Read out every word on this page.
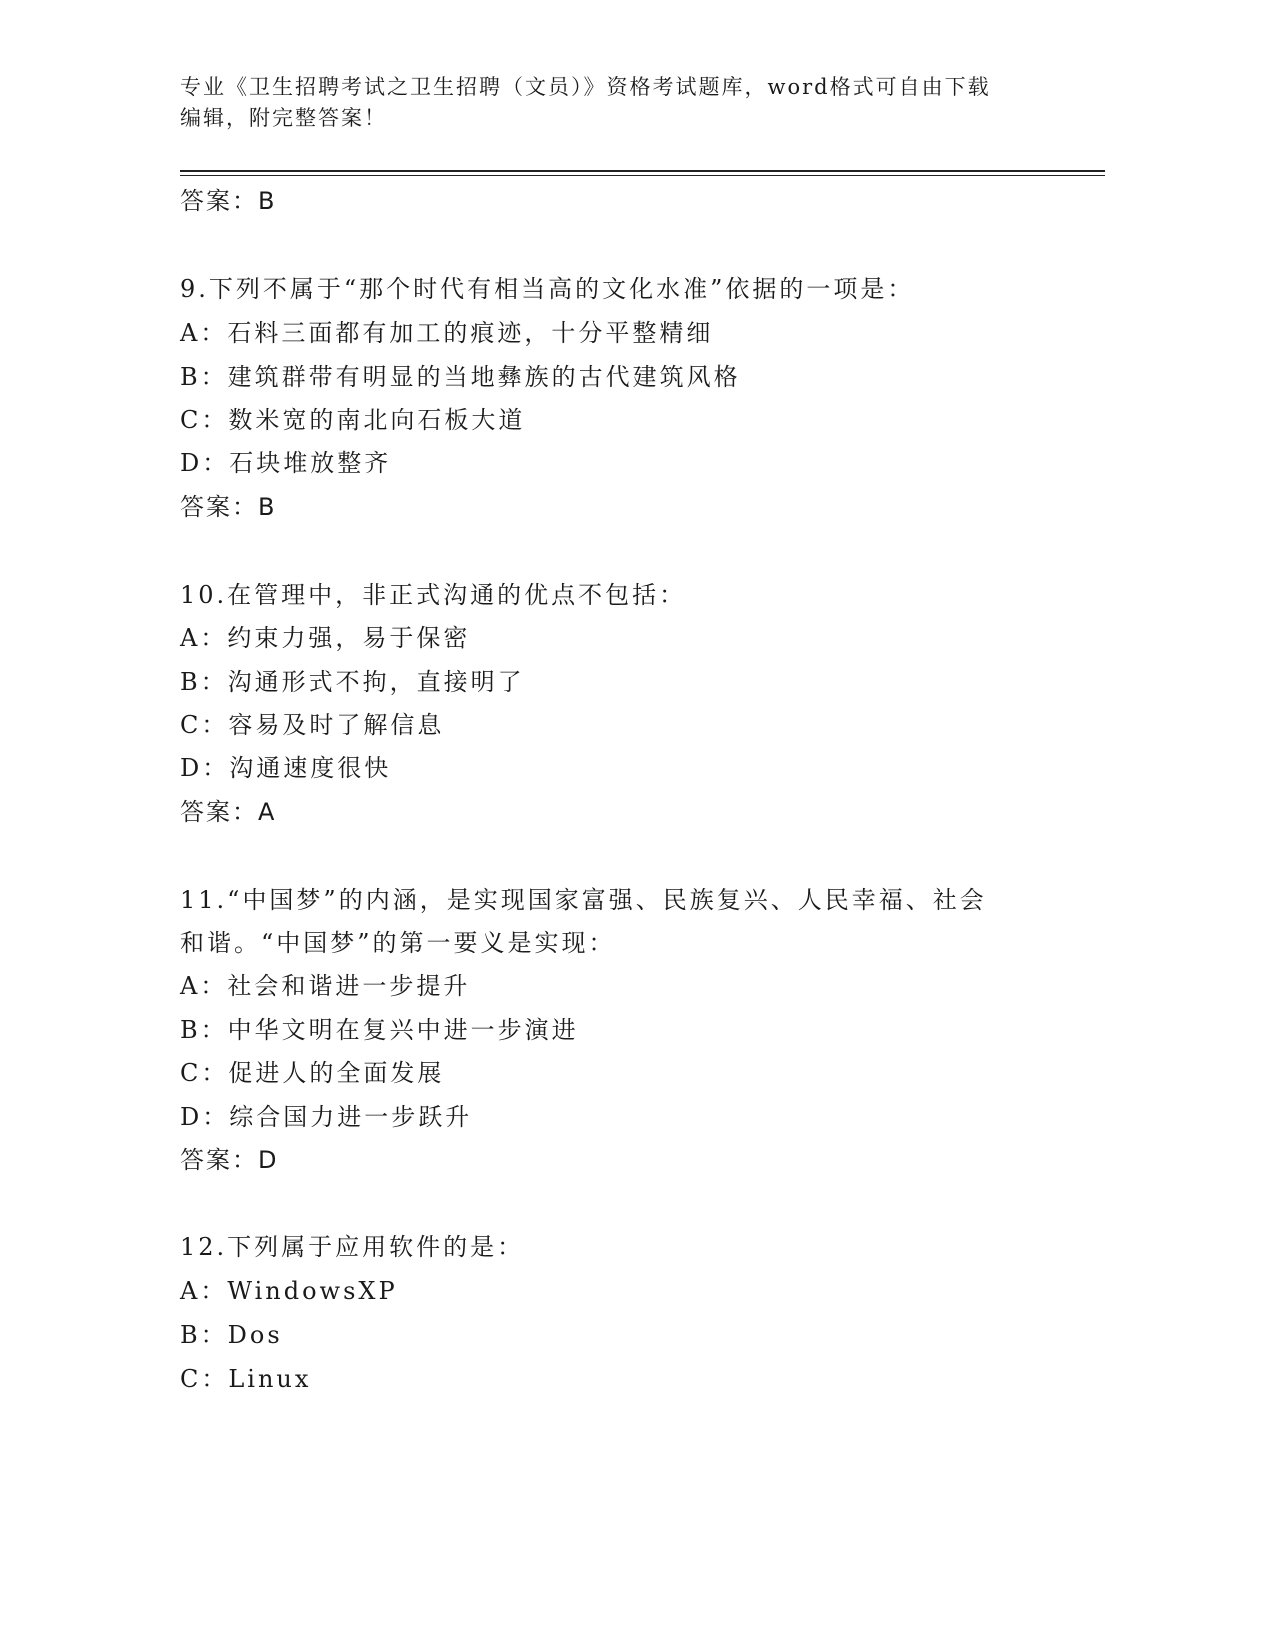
专业《卫生招聘考试之卫生招聘（文员）》资格考试题库，word格式可自由下载
编辑，附完整答案！
答案：B
9.下列不属于“那个时代有相当高的文化水准”依据的一项是：
A：石料三面都有加工的痕迹，十分平整精细
B：建筑群带有明显的当地彝族的古代建筑风格
C：数米宽的南北向石板大道
D：石块堆放整齐
答案：B
10.在管理中，非正式沟通的优点不包括：
A：约束力强，易于保密
B：沟通形式不拘，直接明了
C：容易及时了解信息
D：沟通速度很快
答案：A
11.“中国梦”的内涵，是实现国家富强、民族复兴、人民幸福、社会
和谐。“中国梦”的第一要义是实现：
A：社会和谐进一步提升
B：中华文明在复兴中进一步演进
C：促进人的全面发展
D：综合国力进一步跃升
答案：D
12.下列属于应用软件的是：
A：WindowsXP
B：Dos
C：Linux
